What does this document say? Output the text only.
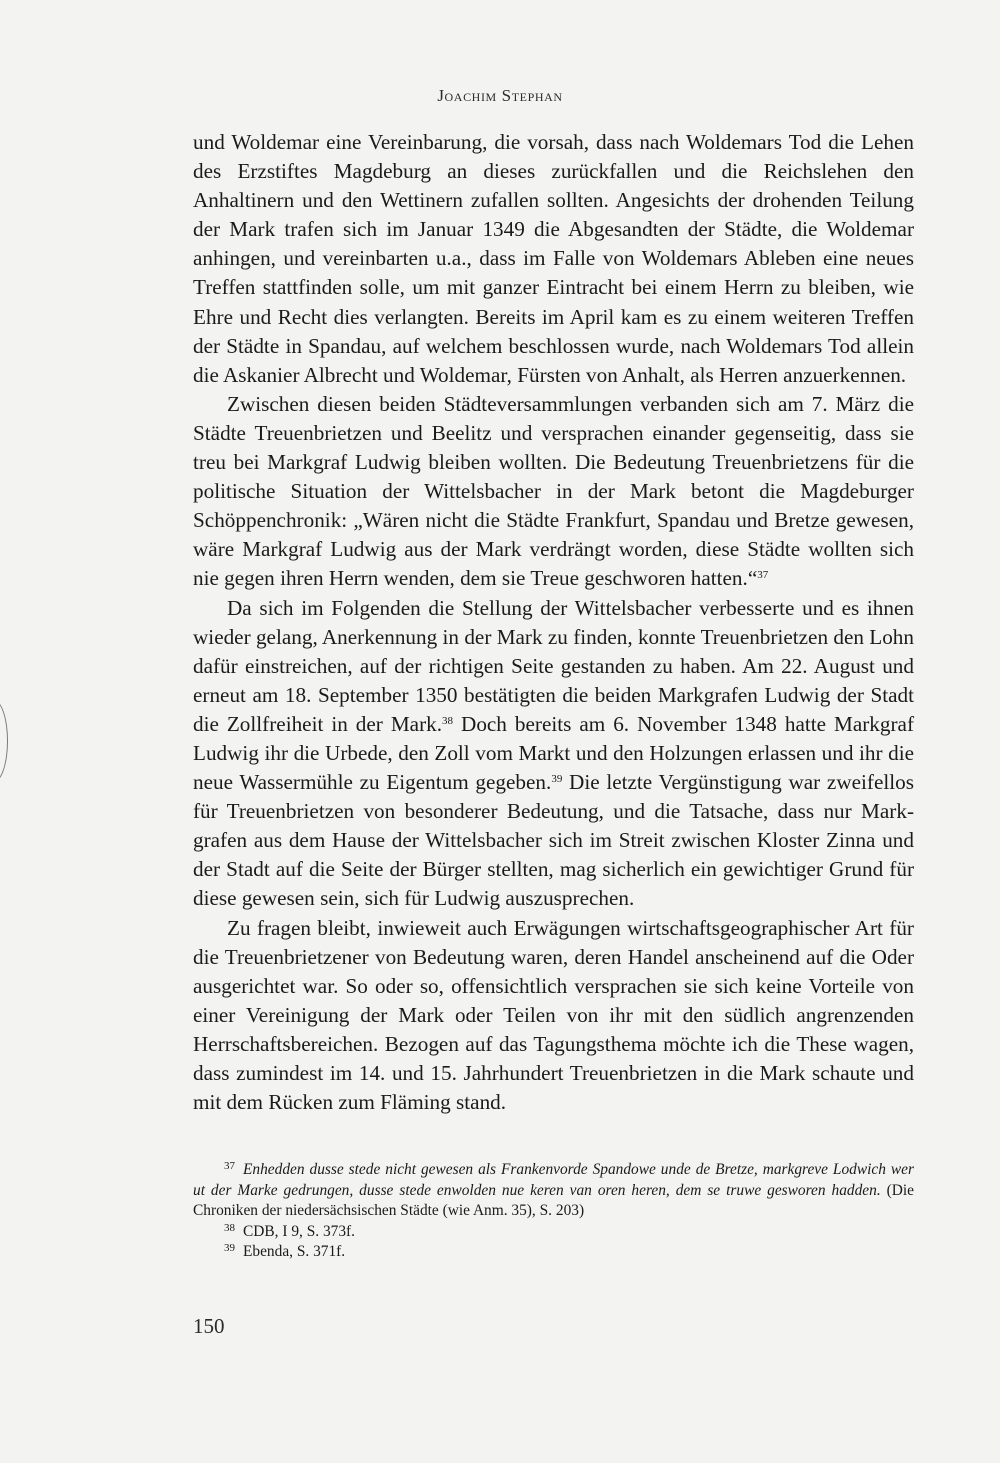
Joachim Stephan

und Woldemar eine Vereinbarung, die vorsah, dass nach Woldemars Tod die Lehen des Erzstiftes Magdeburg an dieses zurückfallen und die Reichslehen den Anhaltinern und den Wettinern zufallen sollten. Angesichts der drohenden Teilung der Mark trafen sich im Januar 1349 die Abgesandten der Städte, die Woldemar anhingen, und vereinbarten u.a., dass im Falle von Woldemars Ableben eine neues Treffen stattfinden solle, um mit ganzer Eintracht bei einem Herrn zu bleiben, wie Ehre und Recht dies verlangten. Bereits im April kam es zu einem weiteren Treffen der Städte in Spandau, auf welchem beschlossen wurde, nach Woldemars Tod allein die Askanier Albrecht und Woldemar, Fürsten von Anhalt, als Herren anzuerkennen.

Zwischen diesen beiden Städteversammlungen verbanden sich am 7. März die Städte Treuenbrietzen und Beelitz und versprachen einander gegenseitig, dass sie treu bei Markgraf Ludwig bleiben wollten. Die Bedeutung Treuenbrietzens für die politische Situation der Wittelsbacher in der Mark betont die Magdeburger Schöppenchronik: „Wären nicht die Städte Frankfurt, Spandau und Bretze gewesen, wäre Markgraf Ludwig aus der Mark verdrängt worden, diese Städte wollten sich nie gegen ihren Herrn wenden, dem sie Treue geschworen hatten.“$^{37}$

Da sich im Folgenden die Stellung der Wittelsbacher verbesserte und es ihnen wieder gelang, Anerkennung in der Mark zu finden, konnte Treuenbrietzen den Lohn dafür einstreichen, auf der richtigen Seite gestanden zu haben. Am 22. August und erneut am 18. September 1350 bestätigten die beiden Markgrafen Ludwig der Stadt die Zollfreiheit in der Mark.$^{38}$ Doch bereits am 6. November 1348 hatte Markgraf Ludwig ihr die Urbede, den Zoll vom Markt und den Holzungen erlassen und ihr die neue Wassermühle zu Eigentum gegeben.$^{39}$ Die letzte Vergünstigung war zweifellos für Treuenbrietzen von besonderer Bedeutung, und die Tatsache, dass nur Markgrafen aus dem Hause der Wittelsbacher sich im Streit zwischen Kloster Zinna und der Stadt auf die Seite der Bürger stellten, mag sicherlich ein gewichtiger Grund für diese gewesen sein, sich für Ludwig auszusprechen.

Zu fragen bleibt, inwieweit auch Erwägungen wirtschaftsgeographischer Art für die Treuenbrietzener von Bedeutung waren, deren Handel anscheinend auf die Oder ausgerichtet war. So oder so, offensichtlich versprachen sie sich keine Vorteile von einer Vereinigung der Mark oder Teilen von ihr mit den südlich angrenzenden Herrschaftsbereichen. Bezogen auf das Tagungsthema möchte ich die These wagen, dass zumindest im 14. und 15. Jahrhundert Treuenbrietzen in die Mark schaute und mit dem Rücken zum Fläming stand.

$^{37}$ Enhedden dusse stede nicht gewesen als Frankenvorde Spandowe unde de Bretze, markgreve Lodwich wer ut der Marke gedrungen, dusse stede enwolden nue keren van oren heren, dem se truwe gesworen hadden. (Die Chroniken der niedersächsischen Städte (wie Anm. 35), S. 203)

$^{38}$ CDB, I 9, S. 373f.

$^{39}$ Ebenda, S. 371f.

150
